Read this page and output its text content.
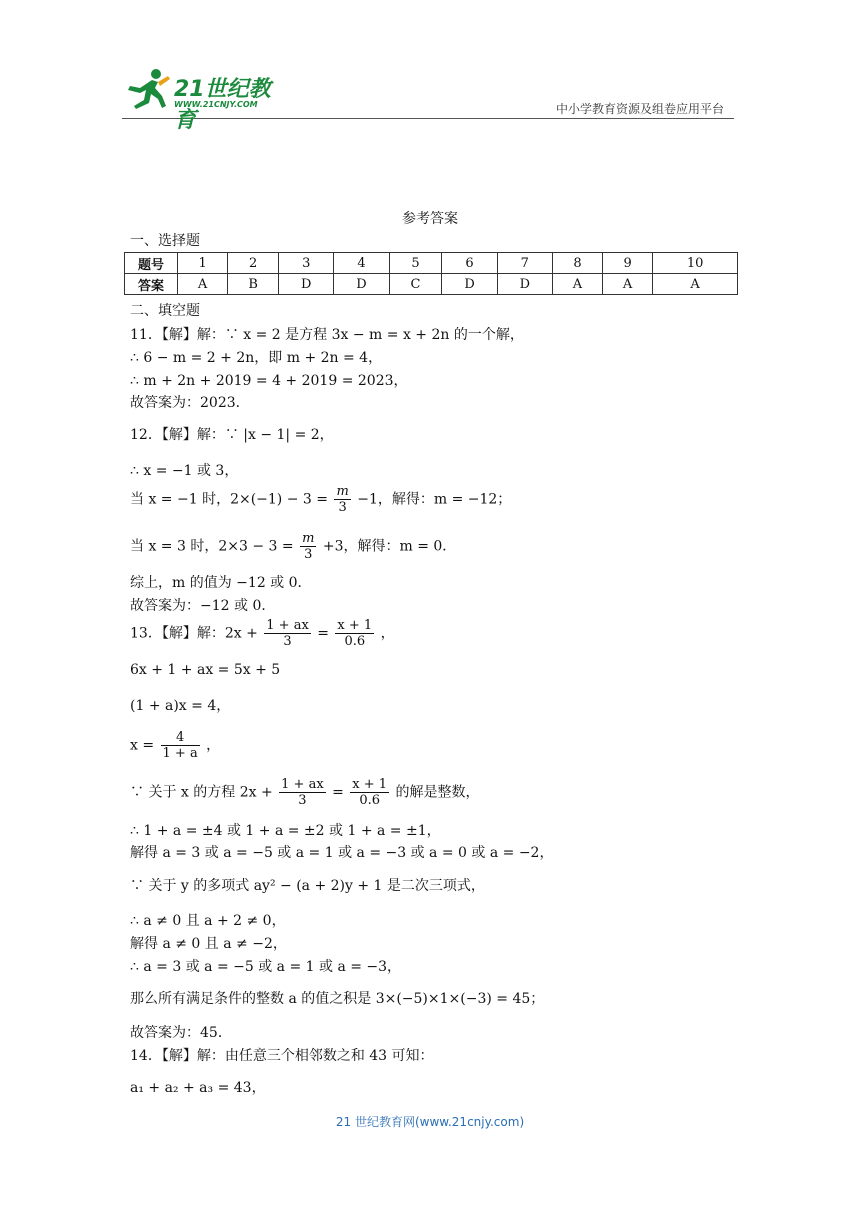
21世纪教育
WWW.21CNJY.COM	中小学教育资源及组卷应用平台
参考答案
一、选择题
题号	1	2	3	4	5	6	7	8	9	10
答案	A	B	D	D	C	D	D	A	A	A
二、填空题
11．【解】解：∵ x = 2 是方程 3x − m = x + 2n 的一个解，
∴ 6 − m = 2 + 2n，即 m + 2n = 4，
∴ m + 2n + 2019 = 4 + 2019 = 2023，
故答案为：2023．
12．【解】解：∵ |x − 1| = 2，
∴ x = −1 或 3，
当 x = −1 时，$2\times(-1) - 3 = \frac{m}{3} -1$，解得：m = −12；
当 x = 3 时，$2\times 3 - 3 = \frac{m}{3} +3$，解得：m = 0．
综上，m 的值为 −12 或 0．
故答案为：−12 或 0．
13．【解】解：$2x + \frac{1 + ax}{3} = \frac{x + 1}{0.6}$ ，
6x + 1 + ax = 5x + 5
(1 + a)x = 4，
$x = \frac{4}{1 + a}$ ，
∵ 关于 x 的方程 $2x + \frac{1 + ax}{3} = \frac{x + 1}{0.6}$ 的解是整数，
∴ 1 + a = ±4 或 1 + a = ±2 或 1 + a = ±1，
解得 a = 3 或 a = −5 或 a = 1 或 a = −3 或 a = 0 或 a = −2，
∵ 关于 y 的多项式 ay² − (a + 2)y + 1 是二次三项式，
∴ a ≠ 0 且 a + 2 ≠ 0，
解得 a ≠ 0 且 a ≠ −2，
∴ a = 3 或 a = −5 或 a = 1 或 a = −3，
那么所有满足条件的整数 a 的值之积是 3×(−5)×1×(−3) = 45；
故答案为：45．
14．【解】解：由任意三个相邻数之和 43 可知：
a₁ + a₂ + a₃ = 43，
21 世纪教育网(www.21cnjy.com)
